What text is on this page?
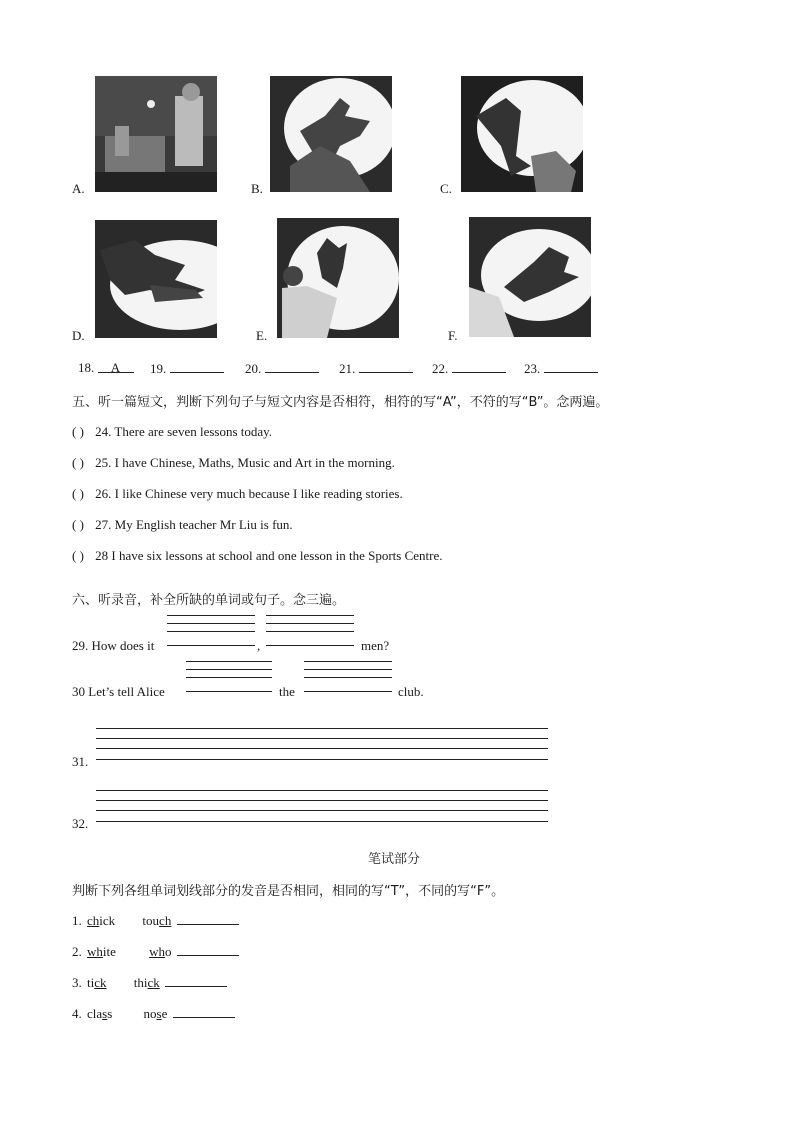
A.	B.	C.
D.	E.	F.
18. A	19.	20.	21.	22.	23.
五、听一篇短文，判断下列句子与短文内容是否相符，相符的写“A”，不符的写“B”。念两遍。
( ) 24. There are seven lessons today.
( ) 25. I have Chinese, Maths, Music and Art in the morning.
( ) 26. I like Chinese very much because I like reading stories.
( ) 27. My English teacher Mr Liu is fun.
( ) 28 I have six lessons at school and one lesson in the Sports Centre.
六、听录音，补全所缺的单词或句子。念三遍。
29. How does it	,	men?
30 Let’s tell Alice	the	club.
31.
32.
笔试部分
判断下列各组单词划线部分的发音是否相同，相同的写“T”，不同的写“F”。
1. chick touch
2. white	who
3. tick thick
4. class nose
